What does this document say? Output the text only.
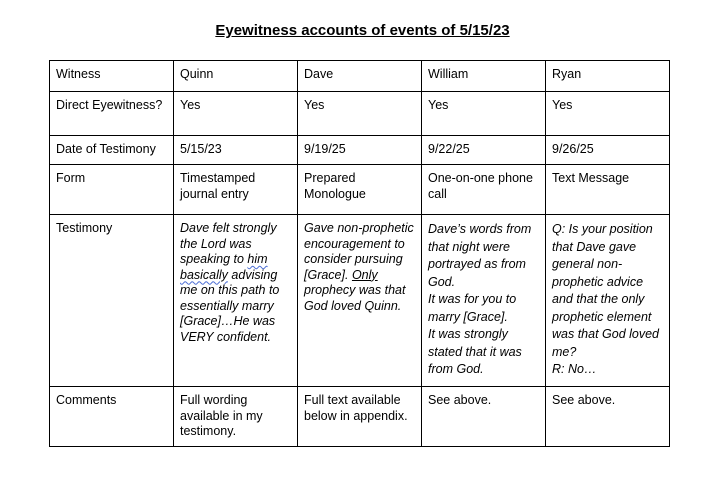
Eyewitness accounts of events of 5/15/23
Witness	Quinn	Dave	William	Ryan
Direct Eyewitness?	Yes	Yes	Yes	Yes
Date of Testimony	5/15/23	9/19/25	9/22/25	9/26/25
Form	Timestamped journal entry	Prepared Monologue	One-on-one phone call	Text Message
Testimony	Dave felt strongly the Lord was speaking to him basically advising me on this path to essentially marry [Grace]…He was VERY confident.	Gave non-prophetic encouragement to consider pursuing [Grace]. Only prophecy was that God loved Quinn.	Dave’s words from that night were portrayed as from God.
It was for you to marry [Grace].
It was strongly stated that it was from God.	Q: Is your position that Dave gave general non-prophetic advice and that the only prophetic element was that God loved me?
R: No…

Comments	Full wording available in my testimony.	Full text available below in appendix.	See above.	See above.
